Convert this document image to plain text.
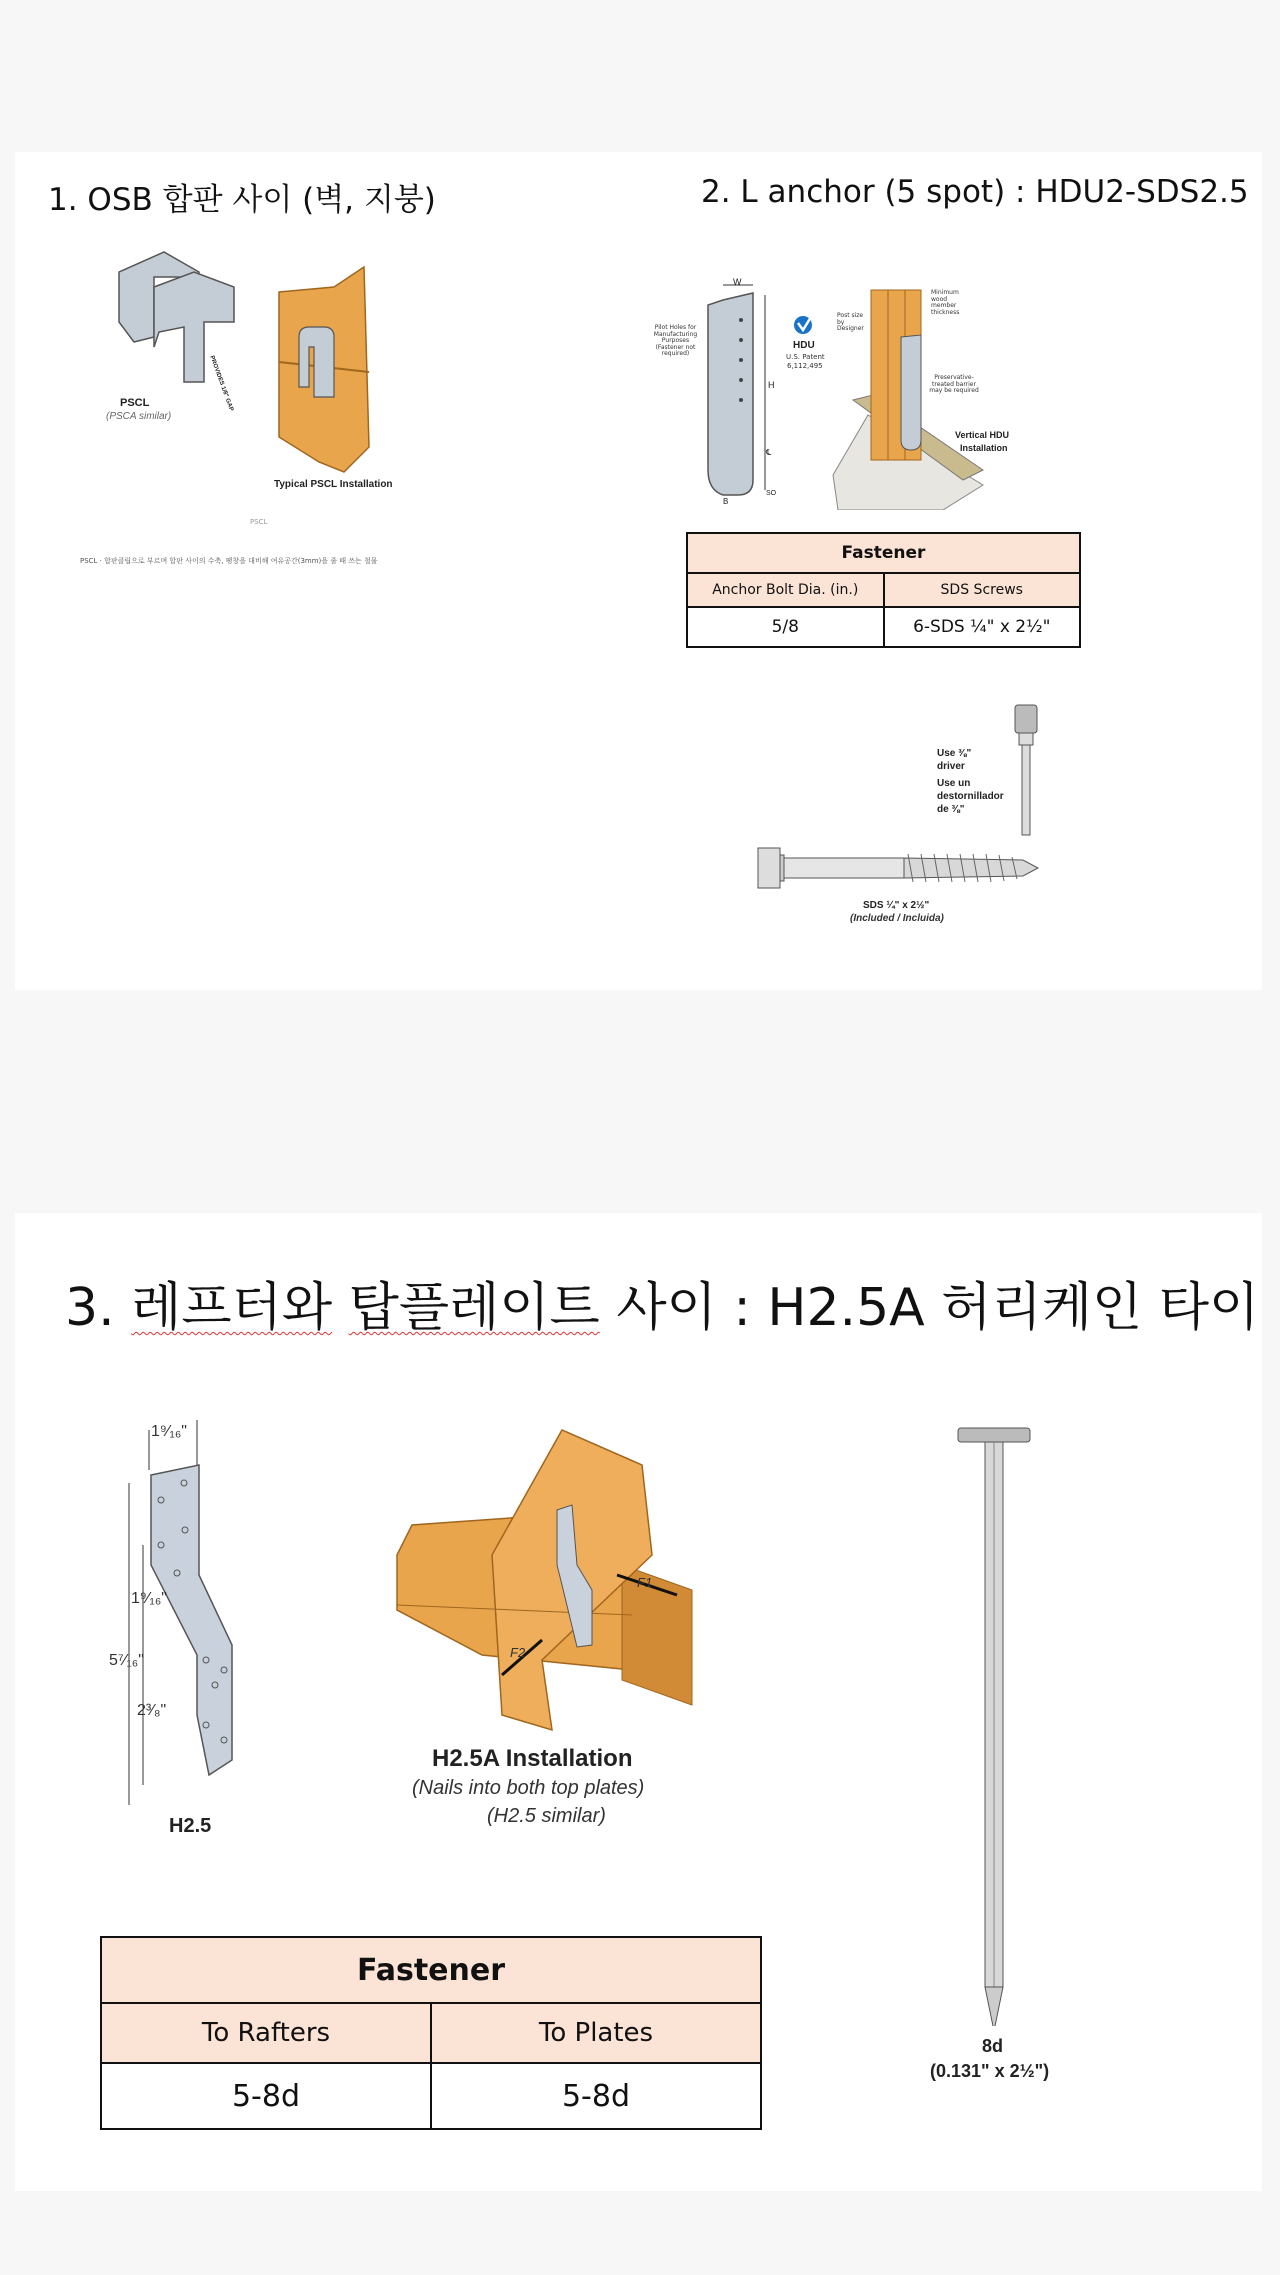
1. OSB 합판 사이 (벽, 지붕)	2. L anchor (5 spot) : HDU2-SDS2.5
PSCL
(PSCA similar)
PROVIDES 1/8" GAP
Typical PSCL Installation
PSCL
PSCL · 합판클립으로 부르며 합판 사이의 수축, 팽창을 대비해 여유공간(3mm)을 줄 때 쓰는 철물
W
H
B
℄
SO
Pilot Holes for Manufacturing Purposes (Fastener not required)
HDU
U.S. Patent
6,112,495
Post size by Designer
Minimum wood member thickness
Preservative-treated barrier may be required
Vertical HDU
Installation
Fastener	
Anchor Bolt Dia. (in.)	SDS Screws
5/8	6-SDS ¼" x 2½"
Use ⅜"
driver
Use un
destornillador
de ⅜"
SDS ¼" x 2½"
(Included / Incluida)
3. 레프터와 탑플레이트 사이 : H2.5A 허리케인 타이
1⁹⁄₁₆"
1⁹⁄₁₆"
5⁷⁄₁₆"
2³⁄₈"
H2.5
F1
F2
H2.5A Installation
(Nails into both top plates)
(H2.5 similar)
8d
(0.131" x 2½")
Fastener	
To Rafters	To Plates
5-8d	5-8d
